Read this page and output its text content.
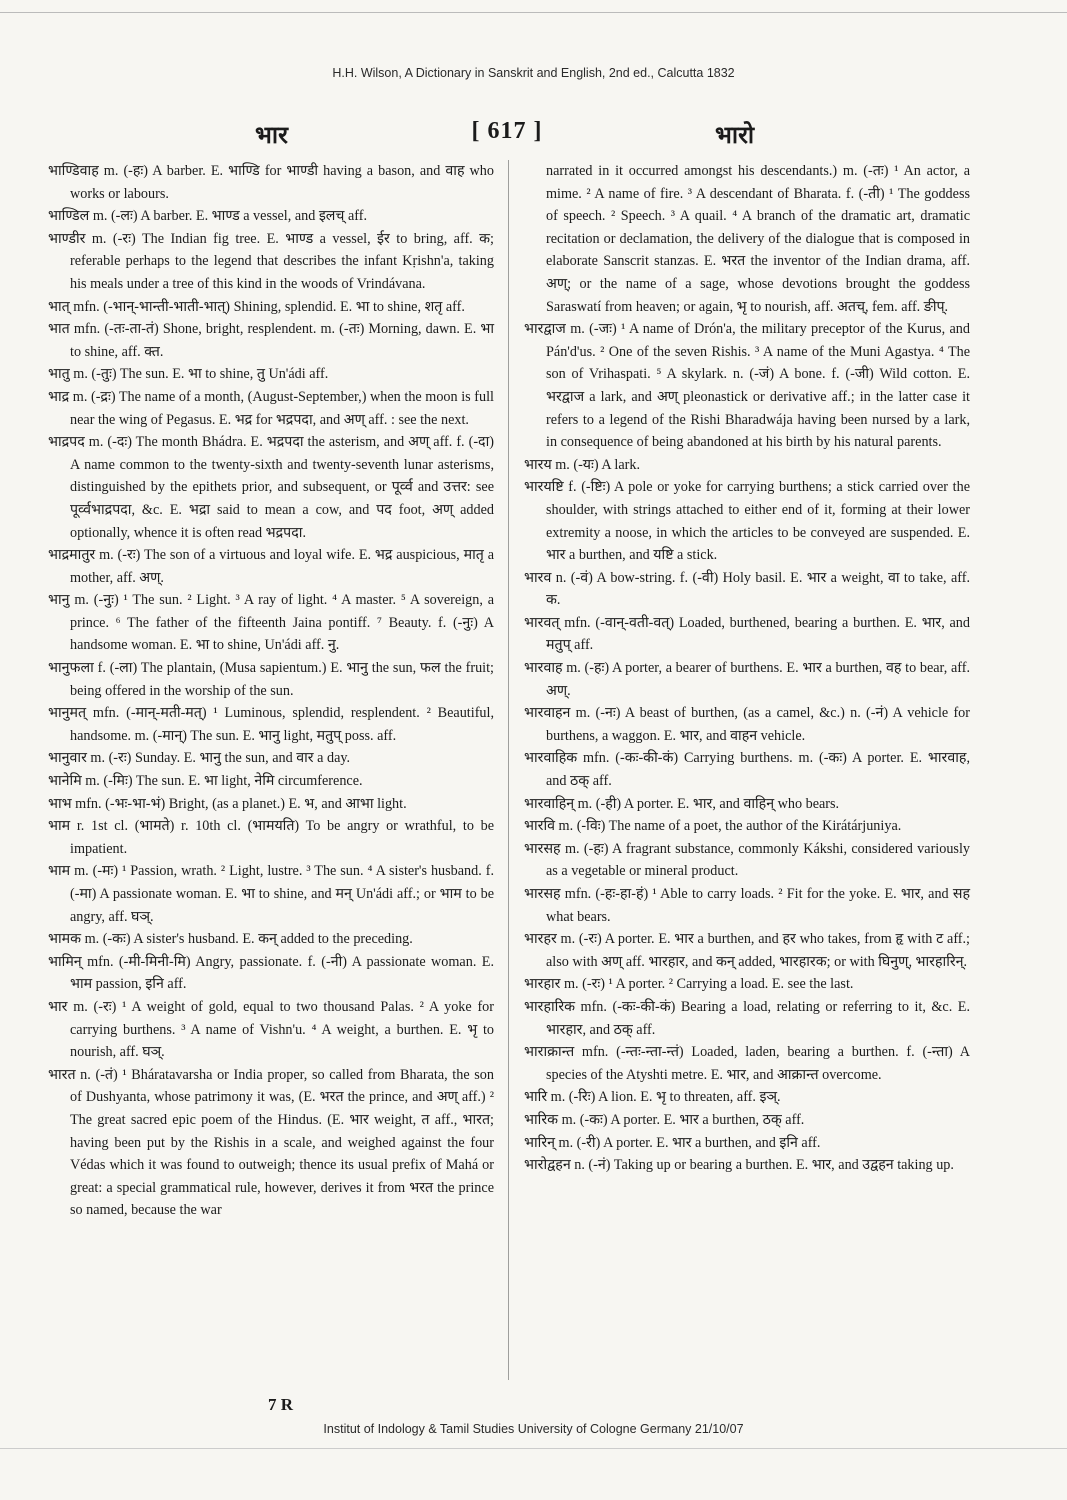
H.H. Wilson, A Dictionary in Sanskrit and English, 2nd ed., Calcutta 1832
भार	[ 617 ]	भारो

भाण्डिवाह m. (-हः) A barber. E. भाण्डि for भाण्डी having a bason, and वाह who works or labours.

भाण्डिल m. (-लः) A barber. E. भाण्ड a vessel, and इलच् aff.

भाण्डीर m. (-रः) The Indian fig tree. E. भाण्ड a vessel, ईर to bring, aff. क; referable perhaps to the legend that describes the infant Kṛishn'a, taking his meals under a tree of this kind in the woods of Vrindávana.

भात् mfn. (-भान्-भान्ती-भाती-भात्) Shining, splendid. E. भा to shine, शतृ aff.

भात mfn. (-तः-ता-तं) Shone, bright, resplendent. m. (-तः) Morning, dawn. E. भा to shine, aff. क्त.

भातु m. (-तुः) The sun. E. भा to shine, तु Un'ádi aff.

भाद्र m. (-द्रः) The name of a month, (August-September,) when the moon is full near the wing of Pegasus. E. भद्र for भद्रपदा, and अण् aff. : see the next.

भाद्रपद m. (-दः) The month Bhádra. E. भद्रपदा the asterism, and अण् aff. f. (-दा) A name common to the twenty-sixth and twenty-seventh lunar asterisms, distinguished by the epithets prior, and subsequent, or पूर्व्व and उत्तर: see पूर्व्वभाद्रपदा, &c. E. भद्रा said to mean a cow, and पद foot, अण् added optionally, whence it is often read भद्रपदा.

भाद्रमातुर m. (-रः) The son of a virtuous and loyal wife. E. भद्र auspicious, मातृ a mother, aff. अण्.

भानु m. (-नुः) ¹ The sun. ² Light. ³ A ray of light. ⁴ A master. ⁵ A sovereign, a prince. ⁶ The father of the fifteenth Jaina pontiff. ⁷ Beauty. f. (-नुः) A handsome woman. E. भा to shine, Un'ádi aff. नु.

भानुफला f. (-ला) The plantain, (Musa sapientum.) E. भानु the sun, फल the fruit; being offered in the worship of the sun.

भानुमत् mfn. (-मान्-मती-मत्) ¹ Luminous, splendid, resplendent. ² Beautiful, handsome. m. (-मान्) The sun. E. भानु light, मतुप् poss. aff.

भानुवार m. (-रः) Sunday. E. भानु the sun, and वार a day.

भानेमि m. (-मिः) The sun. E. भा light, नेमि circumference.

भाभ mfn. (-भः-भा-भं) Bright, (as a planet.) E. भ, and आभा light.

भाम r. 1st cl. (भामते) r. 10th cl. (भामयति) To be angry or wrathful, to be impatient.

भाम m. (-मः) ¹ Passion, wrath. ² Light, lustre. ³ The sun. ⁴ A sister's husband. f. (-मा) A passionate woman. E. भा to shine, and मन् Un'ádi aff.; or भाम to be angry, aff. घञ्.

भामक m. (-कः) A sister's husband. E. कन् added to the preceding.

भामिन् mfn. (-मी-मिनी-मि) Angry, passionate. f. (-नी) A passionate woman. E. भाम passion, इनि aff.

भार m. (-रः) ¹ A weight of gold, equal to two thousand Palas. ² A yoke for carrying burthens. ³ A name of Vishn'u. ⁴ A weight, a burthen. E. भृ to nourish, aff. घञ्.

भारत n. (-तं) ¹ Bháratavarsha or India proper, so called from Bharata, the son of Dushyanta, whose patrimony it was, (E. भरत the prince, and अण् aff.) ² The great sacred epic poem of the Hindus. (E. भार weight, त aff., भारत; having been put by the Rishis in a scale, and weighed against the four Védas which it was found to outweigh; thence its usual prefix of Mahá or great: a special grammatical rule, however, derives it from भरत the prince so named, because the war

narrated in it occurred amongst his descendants.) m. (-तः) ¹ An actor, a mime. ² A name of fire. ³ A descendant of Bharata. f. (-ती) ¹ The goddess of speech. ² Speech. ³ A quail. ⁴ A branch of the dramatic art, dramatic recitation or declamation, the delivery of the dialogue that is composed in elaborate Sanscrit stanzas. E. भरत the inventor of the Indian drama, aff. अण्; or the name of a sage, whose devotions brought the goddess Saraswatí from heaven; or again, भृ to nourish, aff. अतच्, fem. aff. ङीप्.

भारद्वाज m. (-जः) ¹ A name of Drón'a, the military preceptor of the Kurus, and Pán'd'us. ² One of the seven Rishis. ³ A name of the Muni Agastya. ⁴ The son of Vrihaspati. ⁵ A skylark. n. (-जं) A bone. f. (-जी) Wild cotton. E. भरद्वाज a lark, and अण् pleonastick or derivative aff.; in the latter case it refers to a legend of the Rishi Bharadwája having been nursed by a lark, in consequence of being abandoned at his birth by his natural parents.

भारय m. (-यः) A lark.

भारयष्टि f. (-ष्टिः) A pole or yoke for carrying burthens; a stick carried over the shoulder, with strings attached to either end of it, forming at their lower extremity a noose, in which the articles to be conveyed are suspended. E. भार a burthen, and यष्टि a stick.

भारव n. (-वं) A bow-string. f. (-वी) Holy basil. E. भार a weight, वा to take, aff. क.

भारवत् mfn. (-वान्-वती-वत्) Loaded, burthened, bearing a burthen. E. भार, and मतुप् aff.

भारवाह m. (-हः) A porter, a bearer of burthens. E. भार a burthen, वह to bear, aff. अण्.

भारवाहन m. (-नः) A beast of burthen, (as a camel, &c.) n. (-नं) A vehicle for burthens, a waggon. E. भार, and वाहन vehicle.

भारवाहिक mfn. (-कः-की-कं) Carrying burthens. m. (-कः) A porter. E. भारवाह, and ठक् aff.

भारवाहिन् m. (-ही) A porter. E. भार, and वाहिन् who bears.

भारवि m. (-विः) The name of a poet, the author of the Kirátárjuniya.

भारसह m. (-हः) A fragrant substance, commonly Kákshi, considered variously as a vegetable or mineral product.

भारसह mfn. (-हः-हा-हं) ¹ Able to carry loads. ² Fit for the yoke. E. भार, and सह what bears.

भारहर m. (-रः) A porter. E. भार a burthen, and हर who takes, from हृ with ट aff.; also with अण् aff. भारहार, and कन् added, भारहारक; or with घिनुण्, भारहारिन्.

भारहार m. (-रः) ¹ A porter. ² Carrying a load. E. see the last.

भारहारिक mfn. (-कः-की-कं) Bearing a load, relating or referring to it, &c. E. भारहार, and ठक् aff.

भाराक्रान्त mfn. (-न्तः-न्ता-न्तं) Loaded, laden, bearing a burthen. f. (-न्ता) A species of the Atyshti metre. E. भार, and आक्रान्त overcome.

भारि m. (-रिः) A lion. E. भृ to threaten, aff. इञ्.

भारिक m. (-कः) A porter. E. भार a burthen, ठक् aff.

भारिन् m. (-री) A porter. E. भार a burthen, and इनि aff.

भारोद्वहन n. (-नं) Taking up or bearing a burthen. E. भार, and उद्वहन taking up.

7 R
Institut of Indology & Tamil Studies University of Cologne Germany 21/10/07
